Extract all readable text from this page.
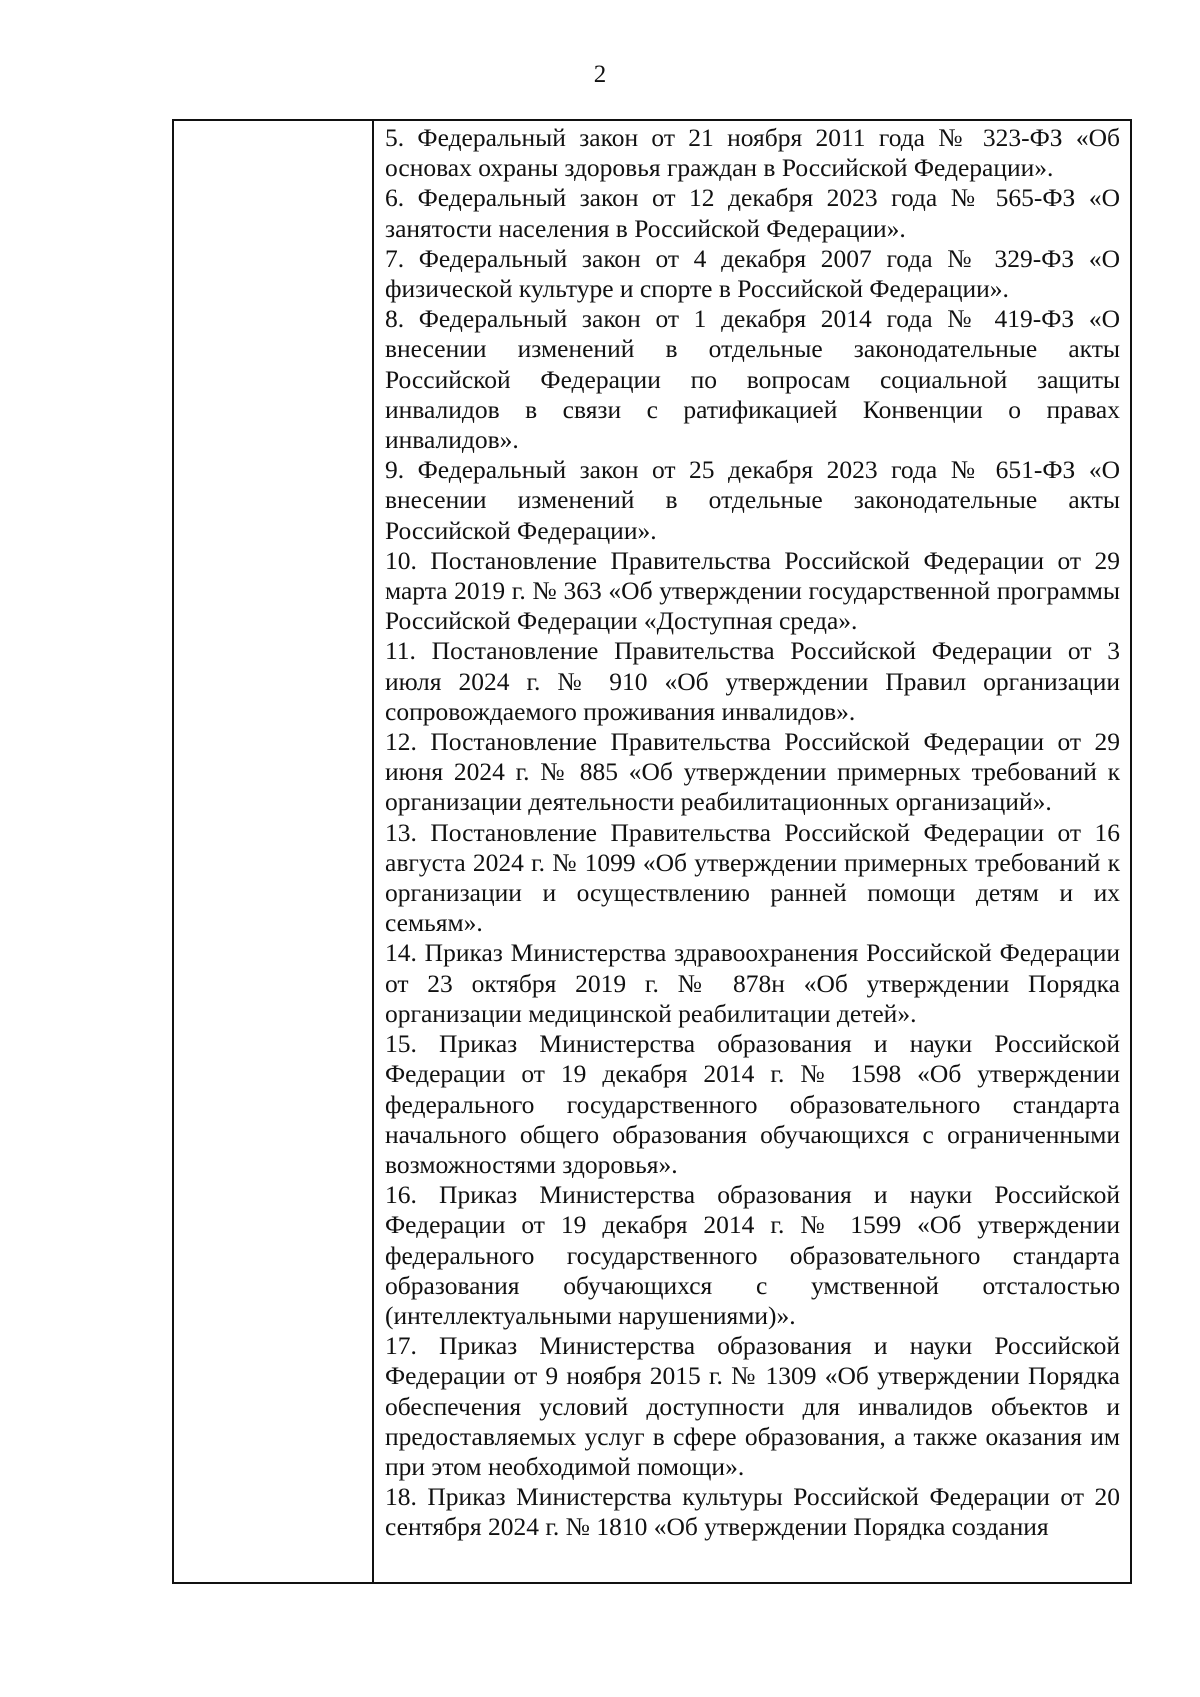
2
5. Федеральный закон от 21 ноября 2011 года № 323-ФЗ «Об основах охраны здоровья граждан в Российской Федерации».
6. Федеральный закон от 12 декабря 2023 года № 565-ФЗ «О занятости населения в Российской Федерации».
7. Федеральный закон от 4 декабря 2007 года № 329-ФЗ «О физической культуре и спорте в Российской Федерации».
8. Федеральный закон от 1 декабря 2014 года № 419-ФЗ «О внесении изменений в отдельные законодательные акты Российской Федерации по вопросам социальной защиты инвалидов в связи с ратификацией Конвенции о правах инвалидов».
9. Федеральный закон от 25 декабря 2023 года № 651-ФЗ «О внесении изменений в отдельные законодательные акты Российской Федерации».
10. Постановление Правительства Российской Федерации от 29 марта 2019 г. № 363 «Об утверждении государственной программы Российской Федерации «Доступная среда».
11. Постановление Правительства Российской Федерации от 3 июля 2024 г. № 910 «Об утверждении Правил организации сопровождаемого проживания инвалидов».
12. Постановление Правительства Российской Федерации от 29 июня 2024 г. № 885 «Об утверждении примерных требований к организации деятельности реабилитационных организаций».
13. Постановление Правительства Российской Федерации от 16 августа 2024 г. № 1099 «Об утверждении примерных требований к организации и осуществлению ранней помощи детям и их семьям».
14. Приказ Министерства здравоохранения Российской Федерации от 23 октября 2019 г. № 878н «Об утверждении Порядка организации медицинской реабилитации детей».
15. Приказ Министерства образования и науки Российской Федерации от 19 декабря 2014 г. № 1598 «Об утверждении федерального государственного образовательного стандарта начального общего образования обучающихся с ограниченными возможностями здоровья».
16. Приказ Министерства образования и науки Российской Федерации от 19 декабря 2014 г. № 1599 «Об утверждении федерального государственного образовательного стандарта образования обучающихся с умственной отсталостью (интеллектуальными нарушениями)».
17. Приказ Министерства образования и науки Российской Федерации от 9 ноября 2015 г. № 1309 «Об утверждении Порядка обеспечения условий доступности для инвалидов объектов и предоставляемых услуг в сфере образования, а также оказания им при этом необходимой помощи».
18. Приказ Министерства культуры Российской Федерации от 20 сентября 2024 г. № 1810 «Об утверждении Порядка создания
